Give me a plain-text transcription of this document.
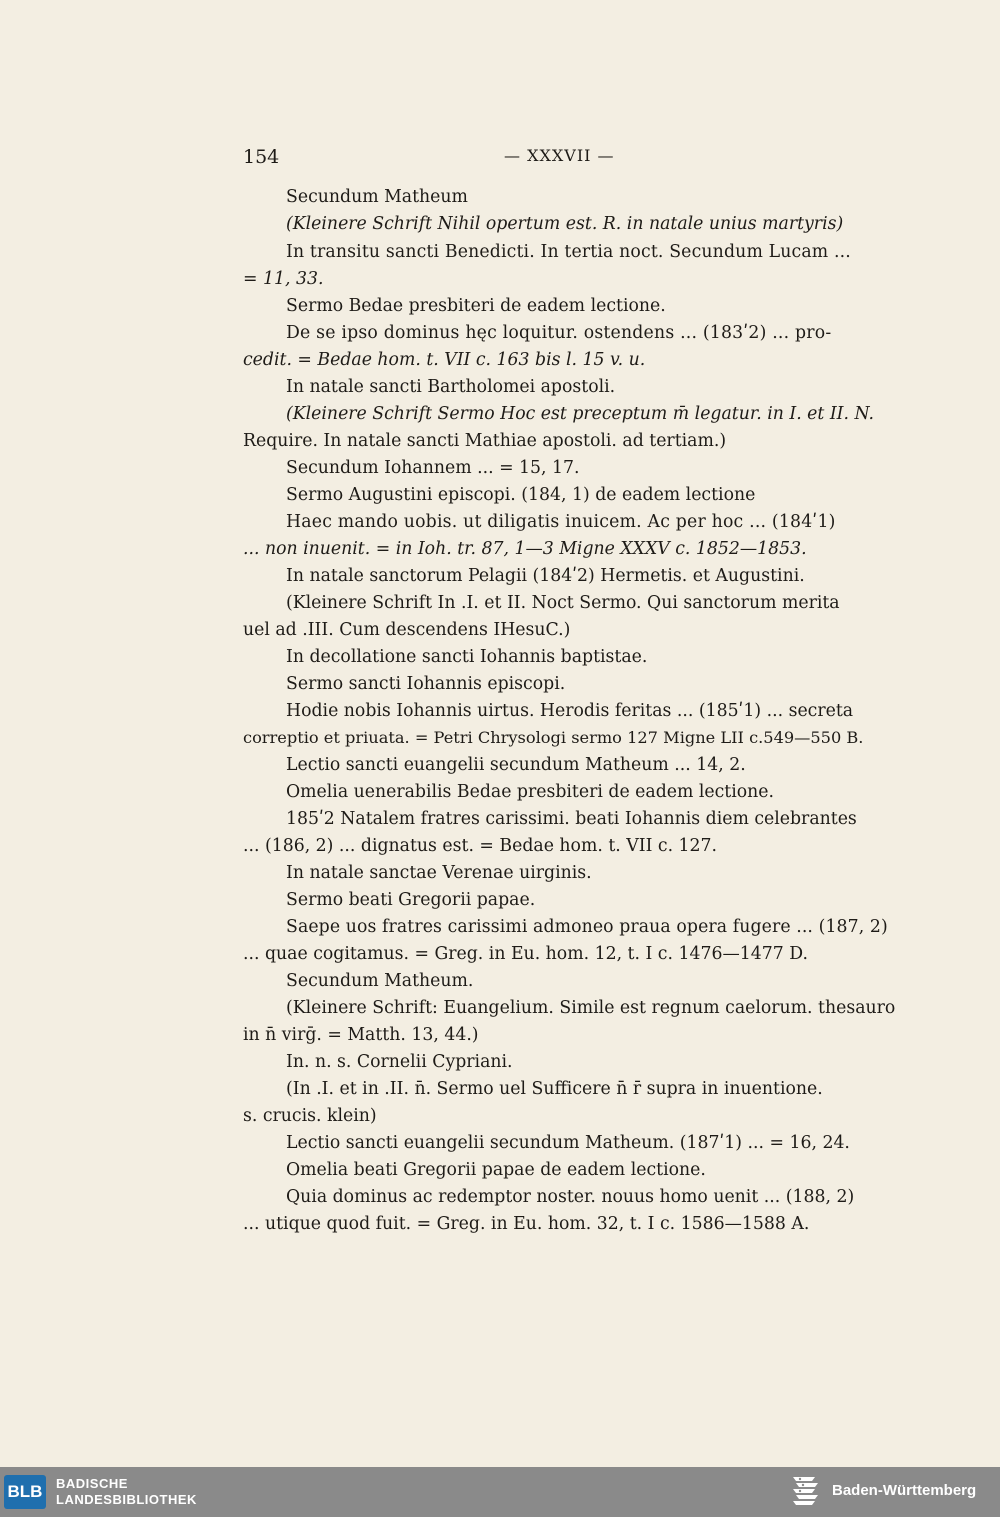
154	— XXXVII —
Secundum Matheum
(Kleinere Schrift Nihil opertum est. R. in natale unius martyris)
In transitu sancti Benedicti. In tertia noct. Secundum Lucam ...
= 11, 33.
Sermo Bedae presbiteri de eadem lectione.
De se ipso dominus hęc loquitur. ostendens ... (183ʹ2) ... pro-
cedit. = Bedae hom. t. VII c. 163 bis l. 15 v. u.
In natale sancti Bartholomei apostoli.
(Kleinere Schrift Sermo Hoc est preceptum m̄ legatur. in I. et II. N.
Require. In natale sancti Mathiae apostoli. ad tertiam.)
Secundum Iohannem ... = 15, 17.
Sermo Augustini episcopi. (184, 1) de eadem lectione
Haec mando uobis. ut diligatis inuicem. Ac per hoc ... (184ʹ1)
... non inuenit. = in Ioh. tr. 87, 1—3 Migne XXXV c. 1852—1853.
In natale sanctorum Pelagii (184ʹ2) Hermetis. et Augustini.
(Kleinere Schrift In .I. et II. Noct Sermo. Qui sanctorum merita
uel ad .III. Cum descendens IHesuC.)
In decollatione sancti Iohannis baptistae.
Sermo sancti Iohannis episcopi.
Hodie nobis Iohannis uirtus. Herodis feritas ... (185ʹ1) ... secreta
correptio et priuata. = Petri Chrysologi sermo 127 Migne LII c.549—550 B.
Lectio sancti euangelii secundum Matheum ... 14, 2.
Omelia uenerabilis Bedae presbiteri de eadem lectione.
185ʹ2 Natalem fratres carissimi. beati Iohannis diem celebrantes
... (186, 2) ... dignatus est. = Bedae hom. t. VII c. 127.
In natale sanctae Verenae uirginis.
Sermo beati Gregorii papae.
Saepe uos fratres carissimi admoneo praua opera fugere ... (187, 2)
... quae cogitamus. = Greg. in Eu. hom. 12, t. I c. 1476—1477 D.
Secundum Matheum.
(Kleinere Schrift: Euangelium. Simile est regnum caelorum. thesauro
in n̄ virḡ. = Matth. 13, 44.)
In. n. s. Cornelii Cypriani.
(In .I. et in .II. n̄. Sermo uel Sufficere n̄ r̄ supra in inuentione.
s. crucis. klein)
Lectio sancti euangelii secundum Matheum. (187ʹ1) ... = 16, 24.
Omelia beati Gregorii papae de eadem lectione.
Quia dominus ac redemptor noster. nouus homo uenit ... (188, 2)
... utique quod fuit. = Greg. in Eu. hom. 32, t. I c. 1586—1588 A.
BLB BADISCHE
LANDESBIBLIOTHEK
Baden-Württemberg
